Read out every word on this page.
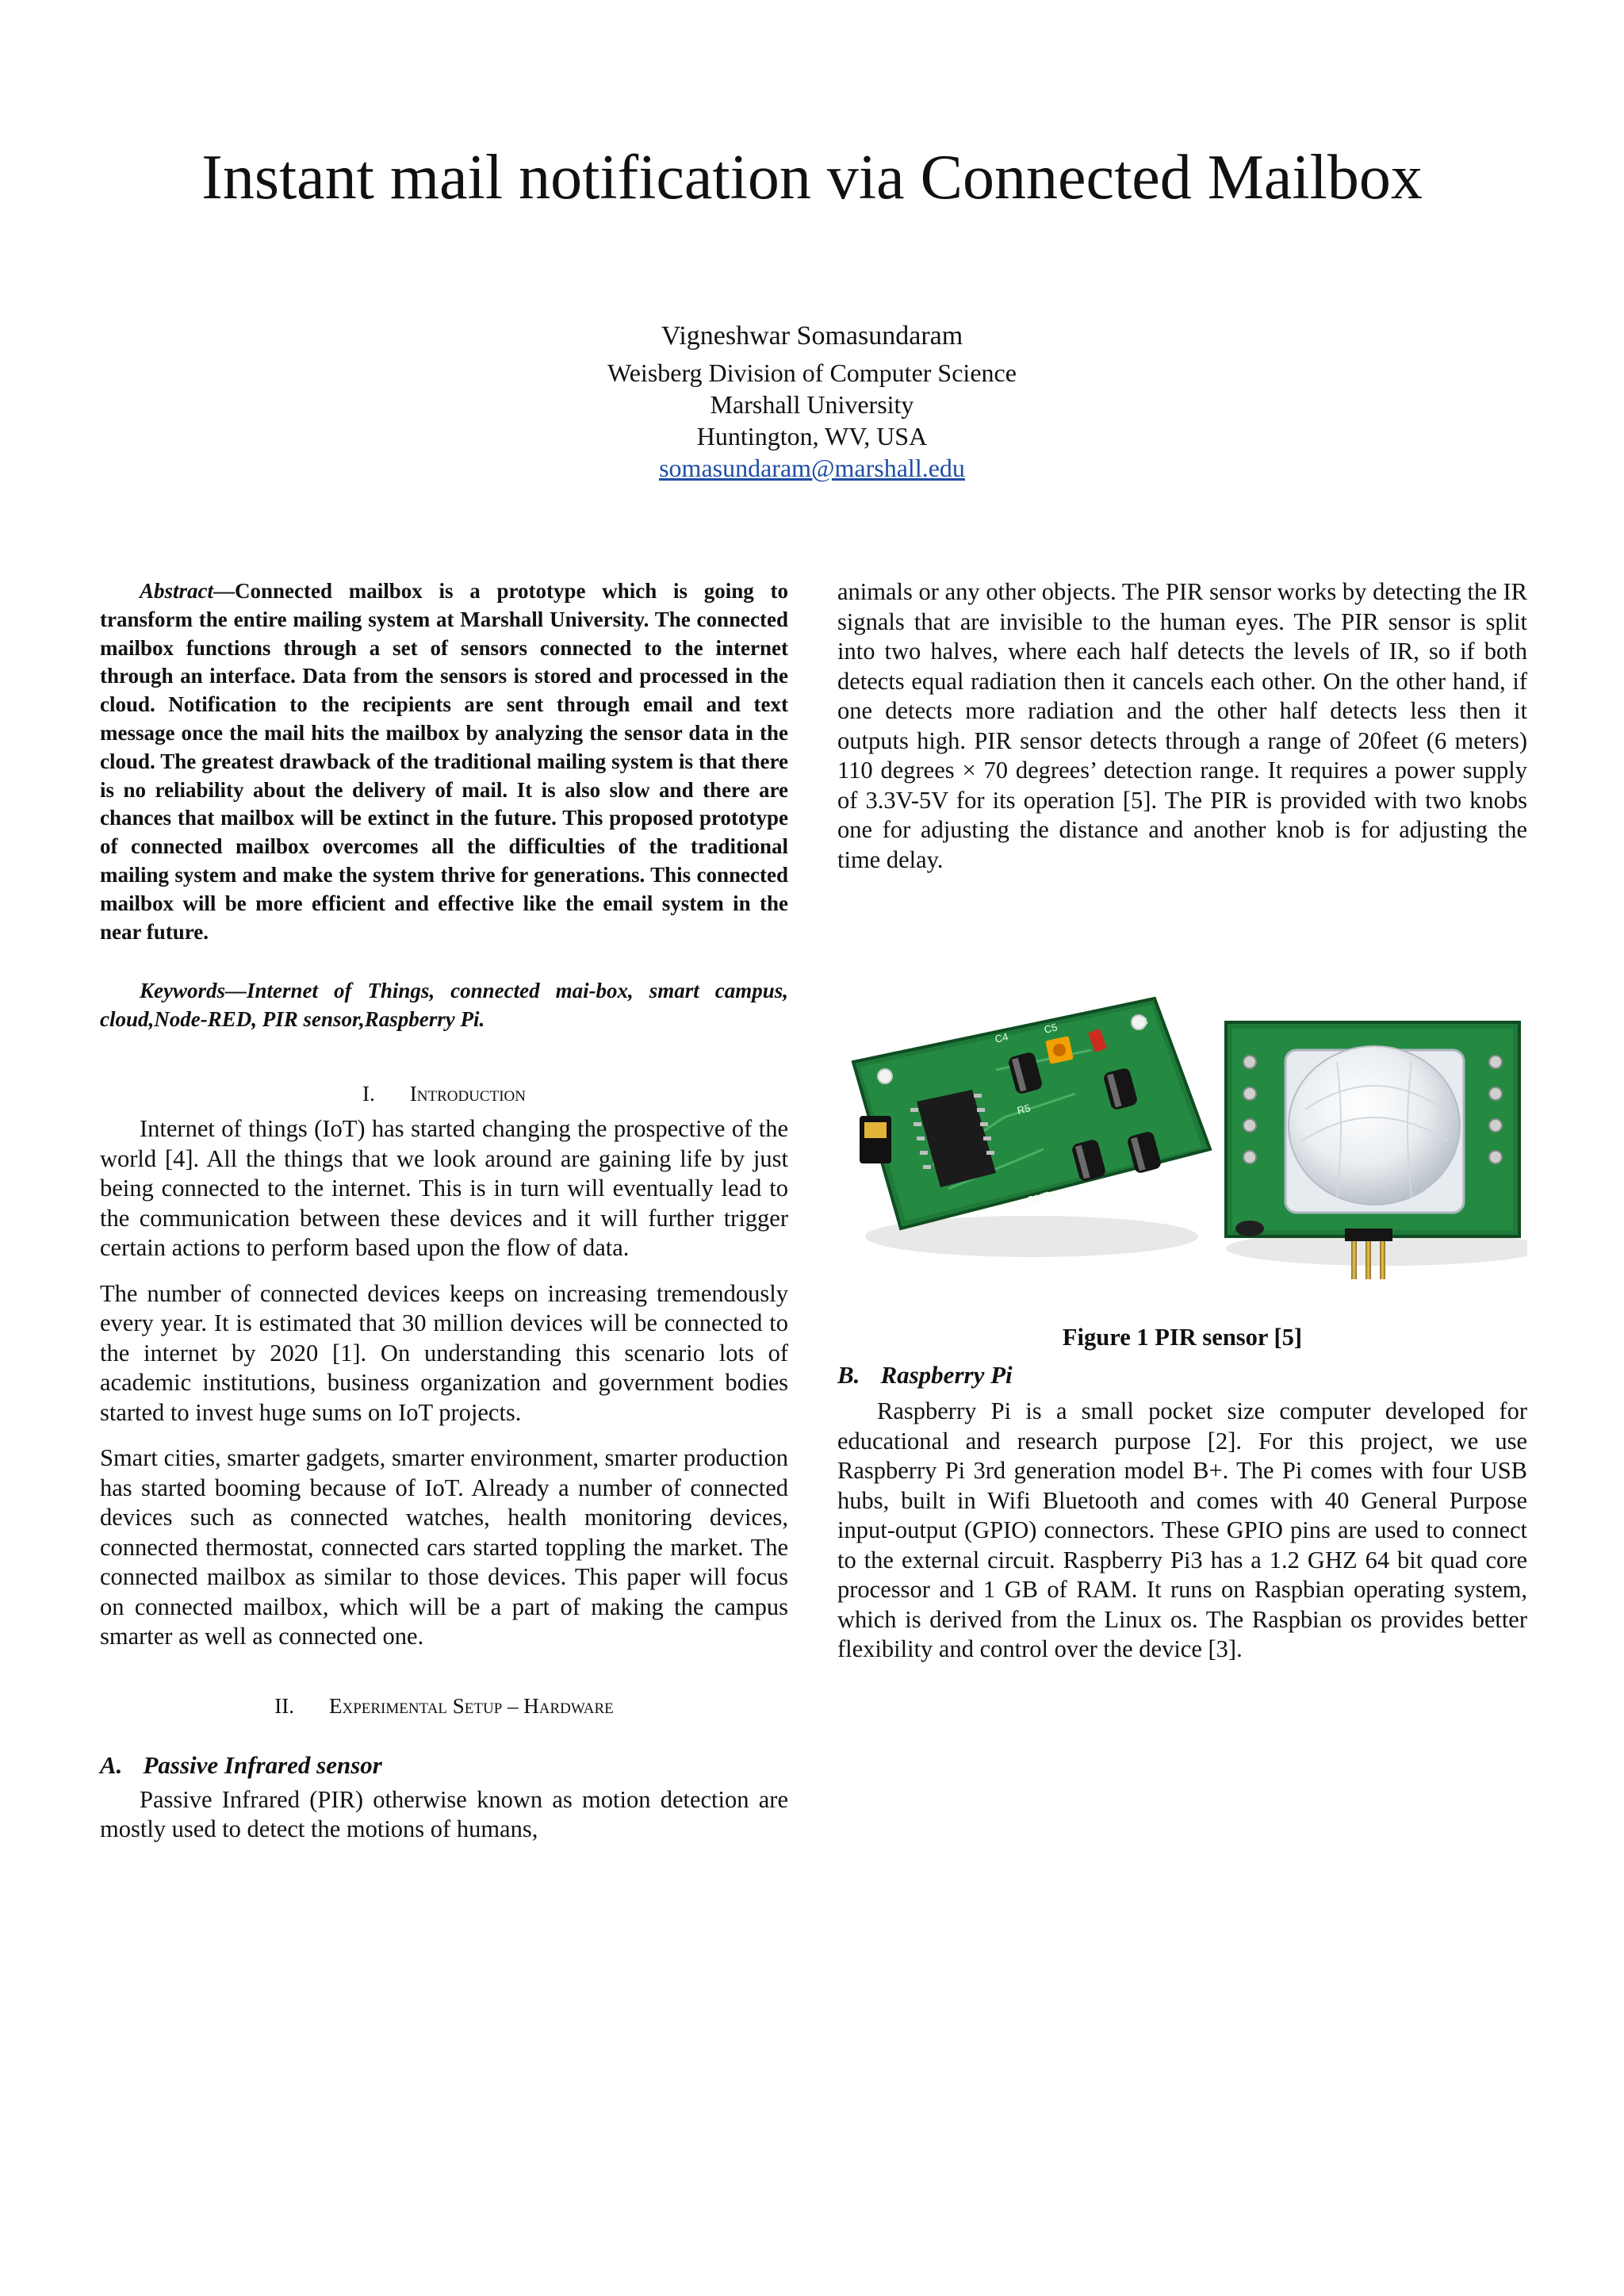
Instant mail notification via Connected Mailbox
Vigneshwar Somasundaram
Weisberg Division of Computer Science
Marshall University
Huntington, WV, USA
somasundaram@marshall.edu

Abstract—Connected mailbox is a prototype which is going to transform the entire mailing system at Marshall University. The connected mailbox functions through a set of sensors connected to the internet through an interface. Data from the sensors is stored and processed in the cloud. Notification to the recipients are sent through email and text message once the mail hits the mailbox by analyzing the sensor data in the cloud. The greatest drawback of the traditional mailing system is that there is no reliability about the delivery of mail. It is also slow and there are chances that mailbox will be extinct in the future. This proposed prototype of connected mailbox overcomes all the difficulties of the traditional mailing system and make the system thrive for generations. This connected mailbox will be more efficient and effective like the email system in the near future.

Keywords—Internet of Things, connected mai-box, smart campus, cloud,Node-RED, PIR sensor,Raspberry Pi.

I. Introduction

Internet of things (IoT) has started changing the prospective of the world [4]. All the things that we look around are gaining life by just being connected to the internet. This is in turn will eventually lead to the communication between these devices and it will further trigger certain actions to perform based upon the flow of data.

The number of connected devices keeps on increasing tremendously every year. It is estimated that 30 million devices will be connected to the internet by 2020 [1]. On understanding this scenario lots of academic institutions, business organization and government bodies started to invest huge sums on IoT projects.

Smart cities, smarter gadgets, smarter environment, smarter production has started booming because of IoT. Already a number of connected devices such as connected watches, health monitoring devices, connected thermostat, connected cars started toppling the market. The connected mailbox as similar to those devices. This paper will focus on connected mailbox, which will be a part of making the campus smarter as well as connected one.

II. Experimental Setup – Hardware
A. Passive Infrared sensor

Passive Infrared (PIR) otherwise known as motion detection are mostly used to detect the motions of humans,

animals or any other objects. The PIR sensor works by detecting the IR signals that are invisible to the human eyes. The PIR sensor is split into two halves, where each half detects the levels of IR, so if both detects equal radiation then it cancels each other. On the other hand, if one detects more radiation and the other half detects less then it outputs high. PIR sensor detects through a range of 20feet (6 meters) 110 degrees × 70 degrees’ detection range. It requires a power supply of 3.3V-5V for its operation [5]. The PIR is provided with two knobs one for adjusting the distance and another knob is for adjusting the time delay.

C4
C5	C3
R5
OUT+

Figure 1 PIR sensor [5]

B. Raspberry Pi

Raspberry Pi is a small pocket size computer developed for educational and research purpose [2]. For this project, we use Raspberry Pi 3rd generation model B+. The Pi comes with four USB hubs, built in Wifi Bluetooth and comes with 40 General Purpose input-output (GPIO) connectors. These GPIO pins are used to connect to the external circuit. Raspberry Pi3 has a 1.2 GHZ 64 bit quad core processor and 1 GB of RAM. It runs on Raspbian operating system, which is derived from the Linux os. The Raspbian os provides better flexibility and control over the device [3].
